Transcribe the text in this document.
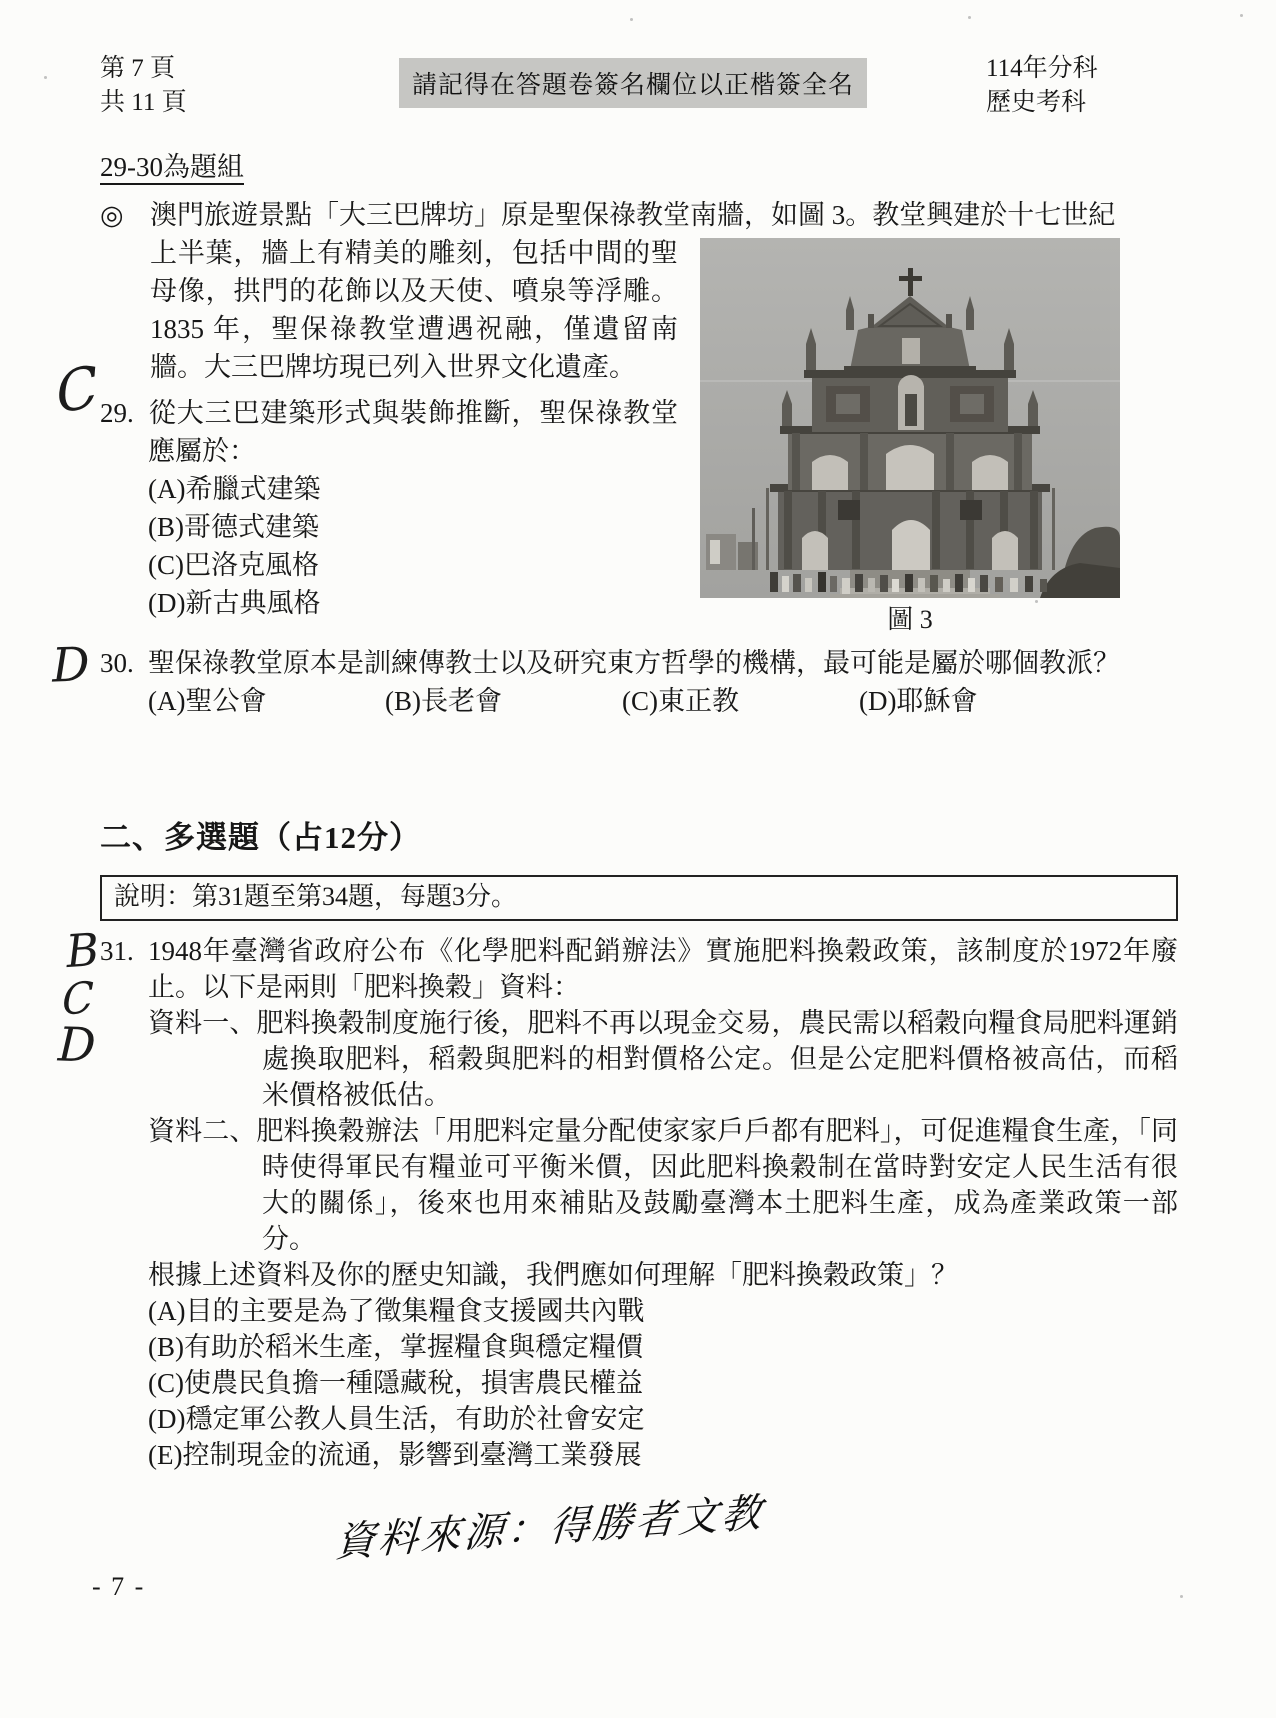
第 7 頁
共 11 頁
請記得在答題卷簽名欄位以正楷簽全名
114年分科
歷史考科
29-30為題組
◎ 澳門旅遊景點「大三巴牌坊」原是聖保祿教堂南牆，如圖 3。教堂興建於十七世紀
圖 3
上半葉，牆上有精美的雕刻，包括中間的聖母像，拱門的花飾以及天使、噴泉等浮雕。1835 年，聖保祿教堂遭遇祝融，僅遺留南牆。大三巴牌坊現已列入世界文化遺產。
29. 從大三巴建築形式與裝飾推斷，聖保祿教堂應屬於：
(A)希臘式建築
(B)哥德式建築
(C)巴洛克風格
(D)新古典風格
30. 聖保祿教堂原本是訓練傳教士以及研究東方哲學的機構，最可能是屬於哪個教派？
(A)聖公會	(B)長老會	(C)東正教	(D)耶穌會
二、多選題（占12分）
說明：第31題至第34題，每題3分。
31. 1948年臺灣省政府公布《化學肥料配銷辦法》實施肥料換穀政策，該制度於1972年廢止。以下是兩則「肥料換穀」資料：
資料一、肥料換穀制度施行後，肥料不再以現金交易，農民需以稻穀向糧食局肥料運銷處換取肥料，稻穀與肥料的相對價格公定。但是公定肥料價格被高估，而稻米價格被低估。
資料二、肥料換穀辦法「用肥料定量分配使家家戶戶都有肥料」，可促進糧食生產，「同時使得軍民有糧並可平衡米價，因此肥料換穀制在當時對安定人民生活有很大的關係」，後來也用來補貼及鼓勵臺灣本土肥料生產，成為產業政策一部分。
根據上述資料及你的歷史知識，我們應如何理解「肥料換穀政策」？
(A)目的主要是為了徵集糧食支援國共內戰
(B)有助於稻米生產，掌握糧食與穩定糧價
(C)使農民負擔一種隱藏稅，損害農民權益
(D)穩定軍公教人員生活，有助於社會安定
(E)控制現金的流通，影響到臺灣工業發展
C
D
B
C
D
資料來源：得勝者文教
- 7 -
